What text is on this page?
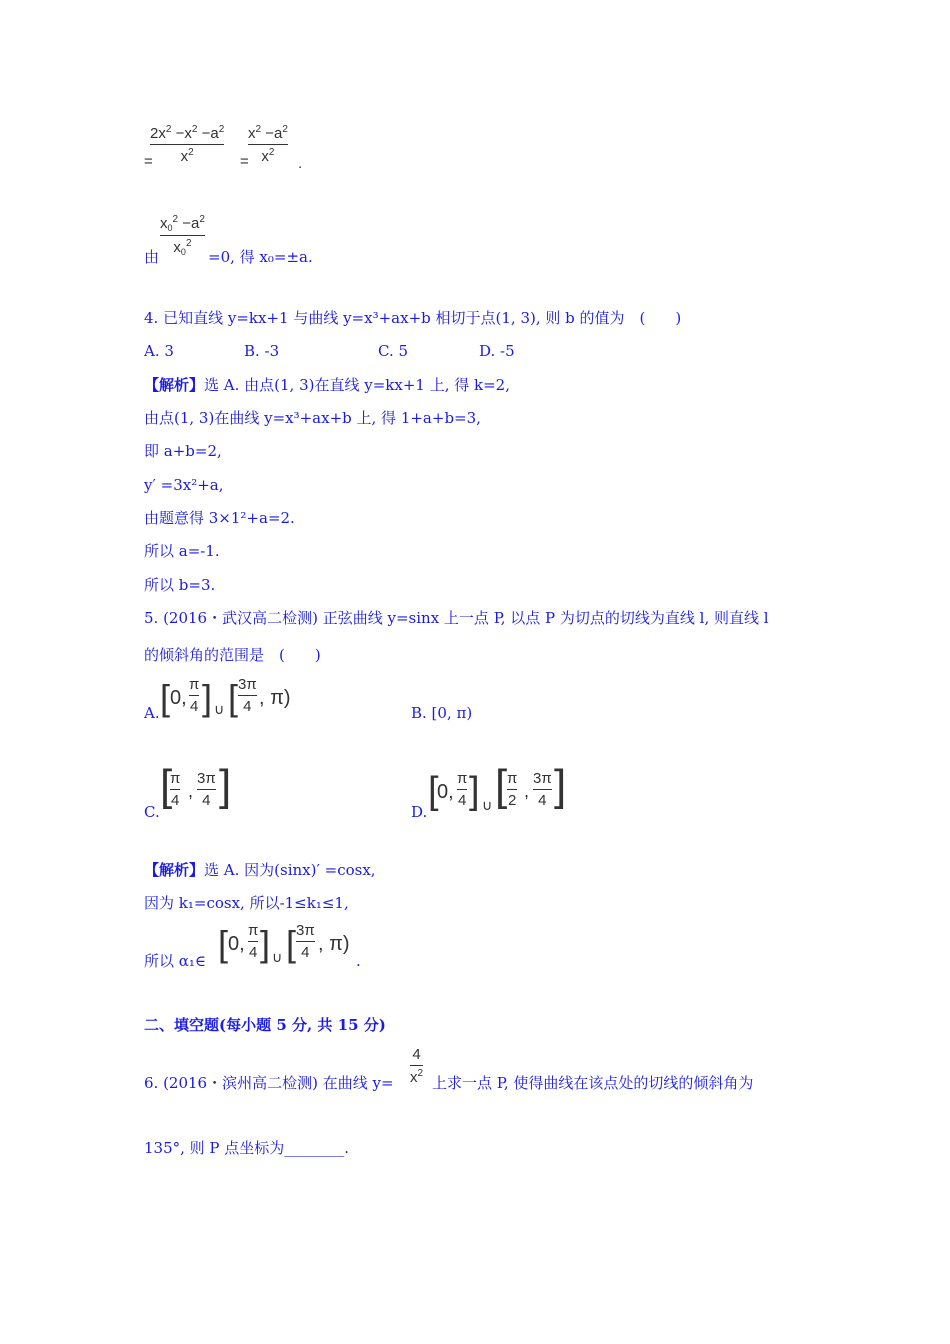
=
$2x^2 -x^2 -a^2$
$x^2$
=
$x^2 -a^2$
$x^2$
.
由
$x_0^2 -a^2$
$x_0^2$
=0, 得 x₀=±a.
4. 已知直线 y=kx+1 与曲线 y=x³+ax+b 相切于点(1, 3), 则 b 的值为　(　　)
A. 3	B. -3	C. 5	D. -5
【解析】选 A. 由点(1, 3)在直线 y=kx+1 上, 得 k=2,
由点(1, 3)在曲线 y=x³+ax+b 上, 得 1+a+b=3,
即 a+b=2,
y′ =3x²+a,
由题意得 3×1²+a=2.
所以 a=-1.
所以 b=3.
5. (2016・武汉高二检测) 正弦曲线 y=sinx 上一点 P, 以点 P 为切点的切线为直线 l, 则直线 l
的倾斜角的范围是　(　　)
A. [ 0,
π
4 ] ∪ [ 3π
4 , π)
B. [0, π)
C.
[
π
4 ,
3π
4 ]
D. [
0,
π
4 ] ∪ [ π
2 ,
3π
4 ]
【解析】选 A. 因为(sinx)′ =cosx,
因为 k₁=cosx, 所以-1≤k₁≤1,
所以 α₁∈ [ 0,
π
4 ] ∪ [ 3π
4 , π)
.
二、填空题(每小题 5 分, 共 15 分)
6. (2016・滨州高二检测) 在曲线 y=
4
$x^2$
上求一点 P, 使得曲线在该点处的切线的倾斜角为
135°, 则 P 点坐标为________.
